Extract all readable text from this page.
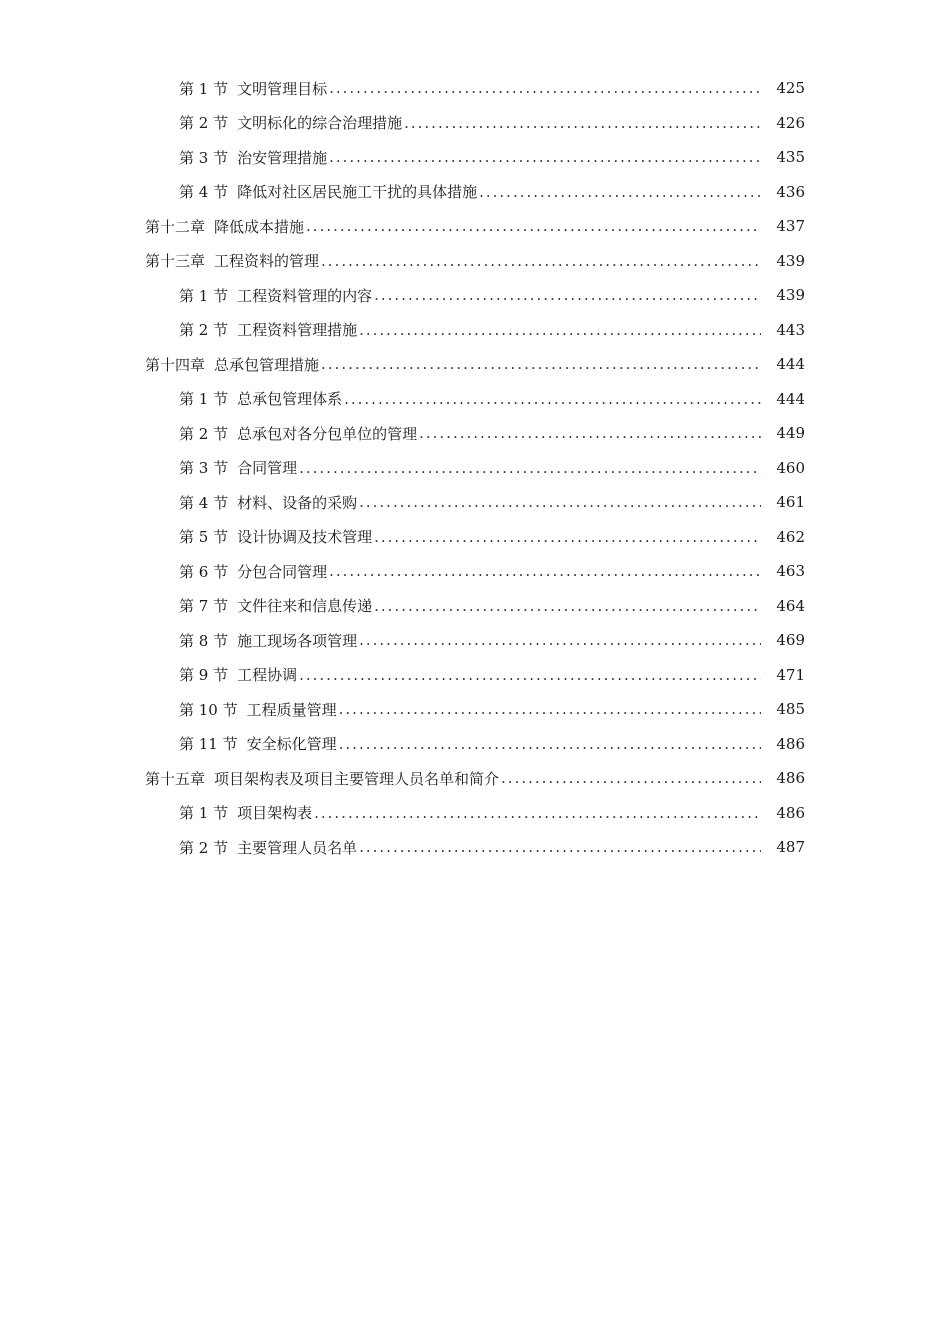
第 1 节 文明管理目标 .....	425
第 2 节 文明标化的综合治理措施 .....	426
第 3 节 治安管理措施 .....	435
第 4 节 降低对社区居民施工干扰的具体措施 .....	436
第十二章 降低成本措施 .....	437
第十三章 工程资料的管理 .....	439
第 1 节 工程资料管理的内容 .....	439
第 2 节 工程资料管理措施 .....	443
第十四章 总承包管理措施 .....	444
第 1 节 总承包管理体系 .....	444
第 2 节 总承包对各分包单位的管理 .....	449
第 3 节 合同管理 .....	460
第 4 节 材料、设备的采购 .....	461
第 5 节 设计协调及技术管理 .....	462
第 6 节 分包合同管理 .....	463
第 7 节 文件往来和信息传递 .....	464
第 8 节 施工现场各项管理 .....	469
第 9 节 工程协调 .....	471
第 10 节 工程质量管理 .....	485
第 11 节 安全标化管理 .....	486
第十五章 项目架构表及项目主要管理人员名单和简介 .....	486
第 1 节 项目架构表 .....	486
第 2 节 主要管理人员名单 .....	487
